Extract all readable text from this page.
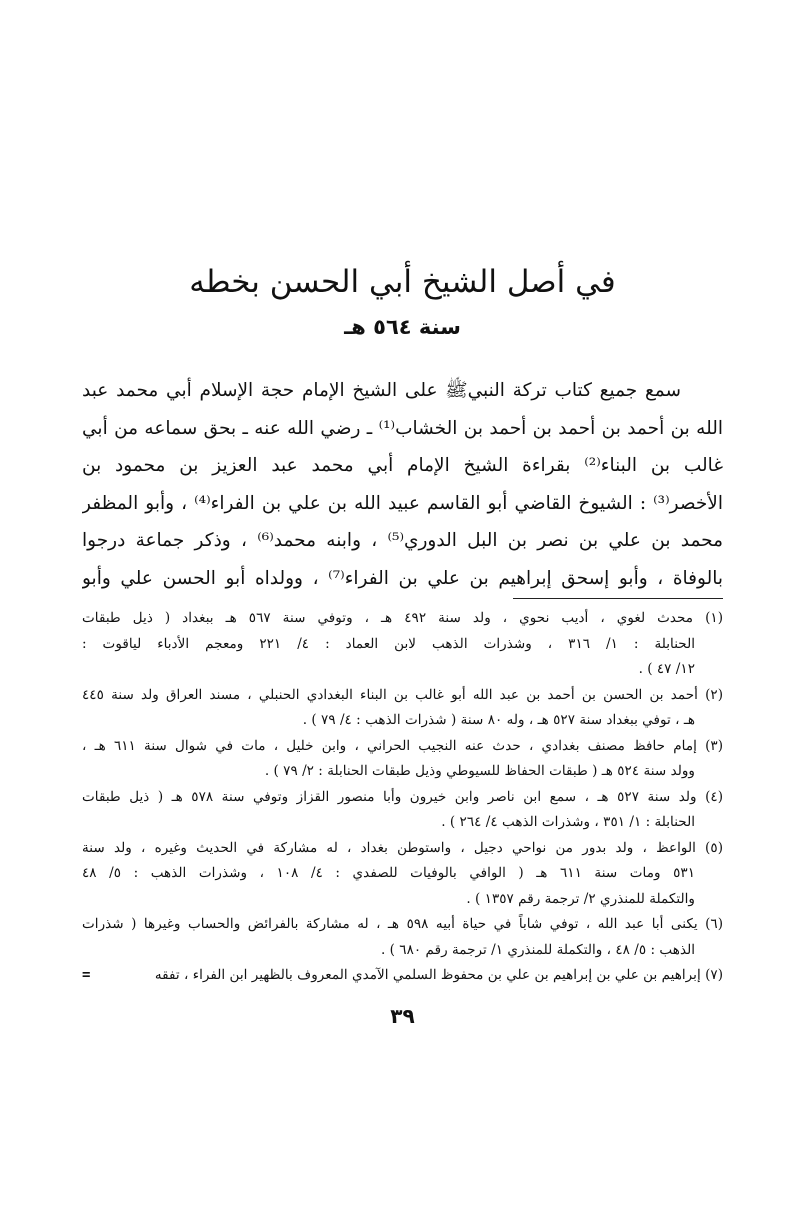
في أصل الشيخ أبي الحسن بخطه
سنة ٥٦٤ هـ
سمع جميع كتاب تركة النبيﷺ على الشيخ الإمام حجة الإسلام أبي محمد عبد
الله بن أحمد بن أحمد بن أحمد بن الخشاب⁽¹⁾ ـ رضي الله عنه ـ بحق سماعه من أبي
غالب بن البناء⁽²⁾ بقراءة الشيخ الإمام أبي محمد عبد العزيز بن محمود بن
الأخصر⁽³⁾ : الشيوخ القاضي أبو القاسم عبيد الله بن علي بن الفراء⁽⁴⁾ ، وأبو المظفر
محمد بن علي بن نصر بن البل الدوري⁽⁵⁾ ، وابنه محمد⁽⁶⁾ ، وذكر جماعة درجوا
بالوفاة ، وأبو إسحق إبراهيم بن علي بن الفراء⁽⁷⁾ ، وولداه أبو الحسن علي وأبو
(١) محدث لغوي ، أديب نحوي ، ولد سنة ٤٩٢ هـ ، وتوفي سنة ٥٦٧ هـ ببغداد ( ذيل طبقات
الحنابلة : ١/ ٣١٦ ، وشذرات الذهب لابن العماد : ٤/ ٢٢١ ومعجم الأدباء لياقوت :
١٢/ ٤٧ ) .
(٢) أحمد بن الحسن بن أحمد بن عبد الله أبو غالب بن البناء البغدادي الحنبلي ، مسند العراق ولد سنة ٤٤٥
هـ ، توفي ببغداد سنة ٥٢٧ هـ ، وله ٨٠ سنة ( شذرات الذهب : ٤/ ٧٩ ) .
(٣) إمام حافظ مصنف بغدادي ، حدث عنه النجيب الحراني ، وابن خليل ، مات في شوال سنة ٦١١ هـ ،
وولد سنة ٥٢٤ هـ ( طبقات الحفاظ للسيوطي وذيل طبقات الحنابلة : ٢/ ٧٩ ) .
(٤) ولد سنة ٥٢٧ هـ ، سمع ابن ناصر وابن خيرون وأبا منصور القزاز وتوفي سنة ٥٧٨ هـ ( ذيل طبقات
الحنابلة : ١/ ٣٥١ ، وشذرات الذهب ٤/ ٢٦٤ ) .
(٥) الواعظ ، ولد بدور من نواحي دجيل ، واستوطن بغداد ، له مشاركة في الحديث وغيره ، ولد سنة
٥٣١ ومات سنة ٦١١ هـ ( الوافي بالوفيات للصفدي : ٤/ ١٠٨ ، وشذرات الذهب : ٥/ ٤٨
والتكملة للمنذري ٢/ ترجمة رقم ١٣٥٧ ) .
(٦) يكنى أبا عبد الله ، توفي شاباً في حياة أبيه ٥٩٨ هـ ، له مشاركة بالفرائض والحساب وغيرها ( شذرات
الذهب : ٥/ ٤٨ ، والتكملة للمنذري ١/ ترجمة رقم ٦٨٠ ) .
(٧) إبراهيم بن علي بن إبراهيم بن علي بن محفوظ السلمي الآمدي المعروف بالظهير ابن الفراء ، تفقه
=
٣٩
